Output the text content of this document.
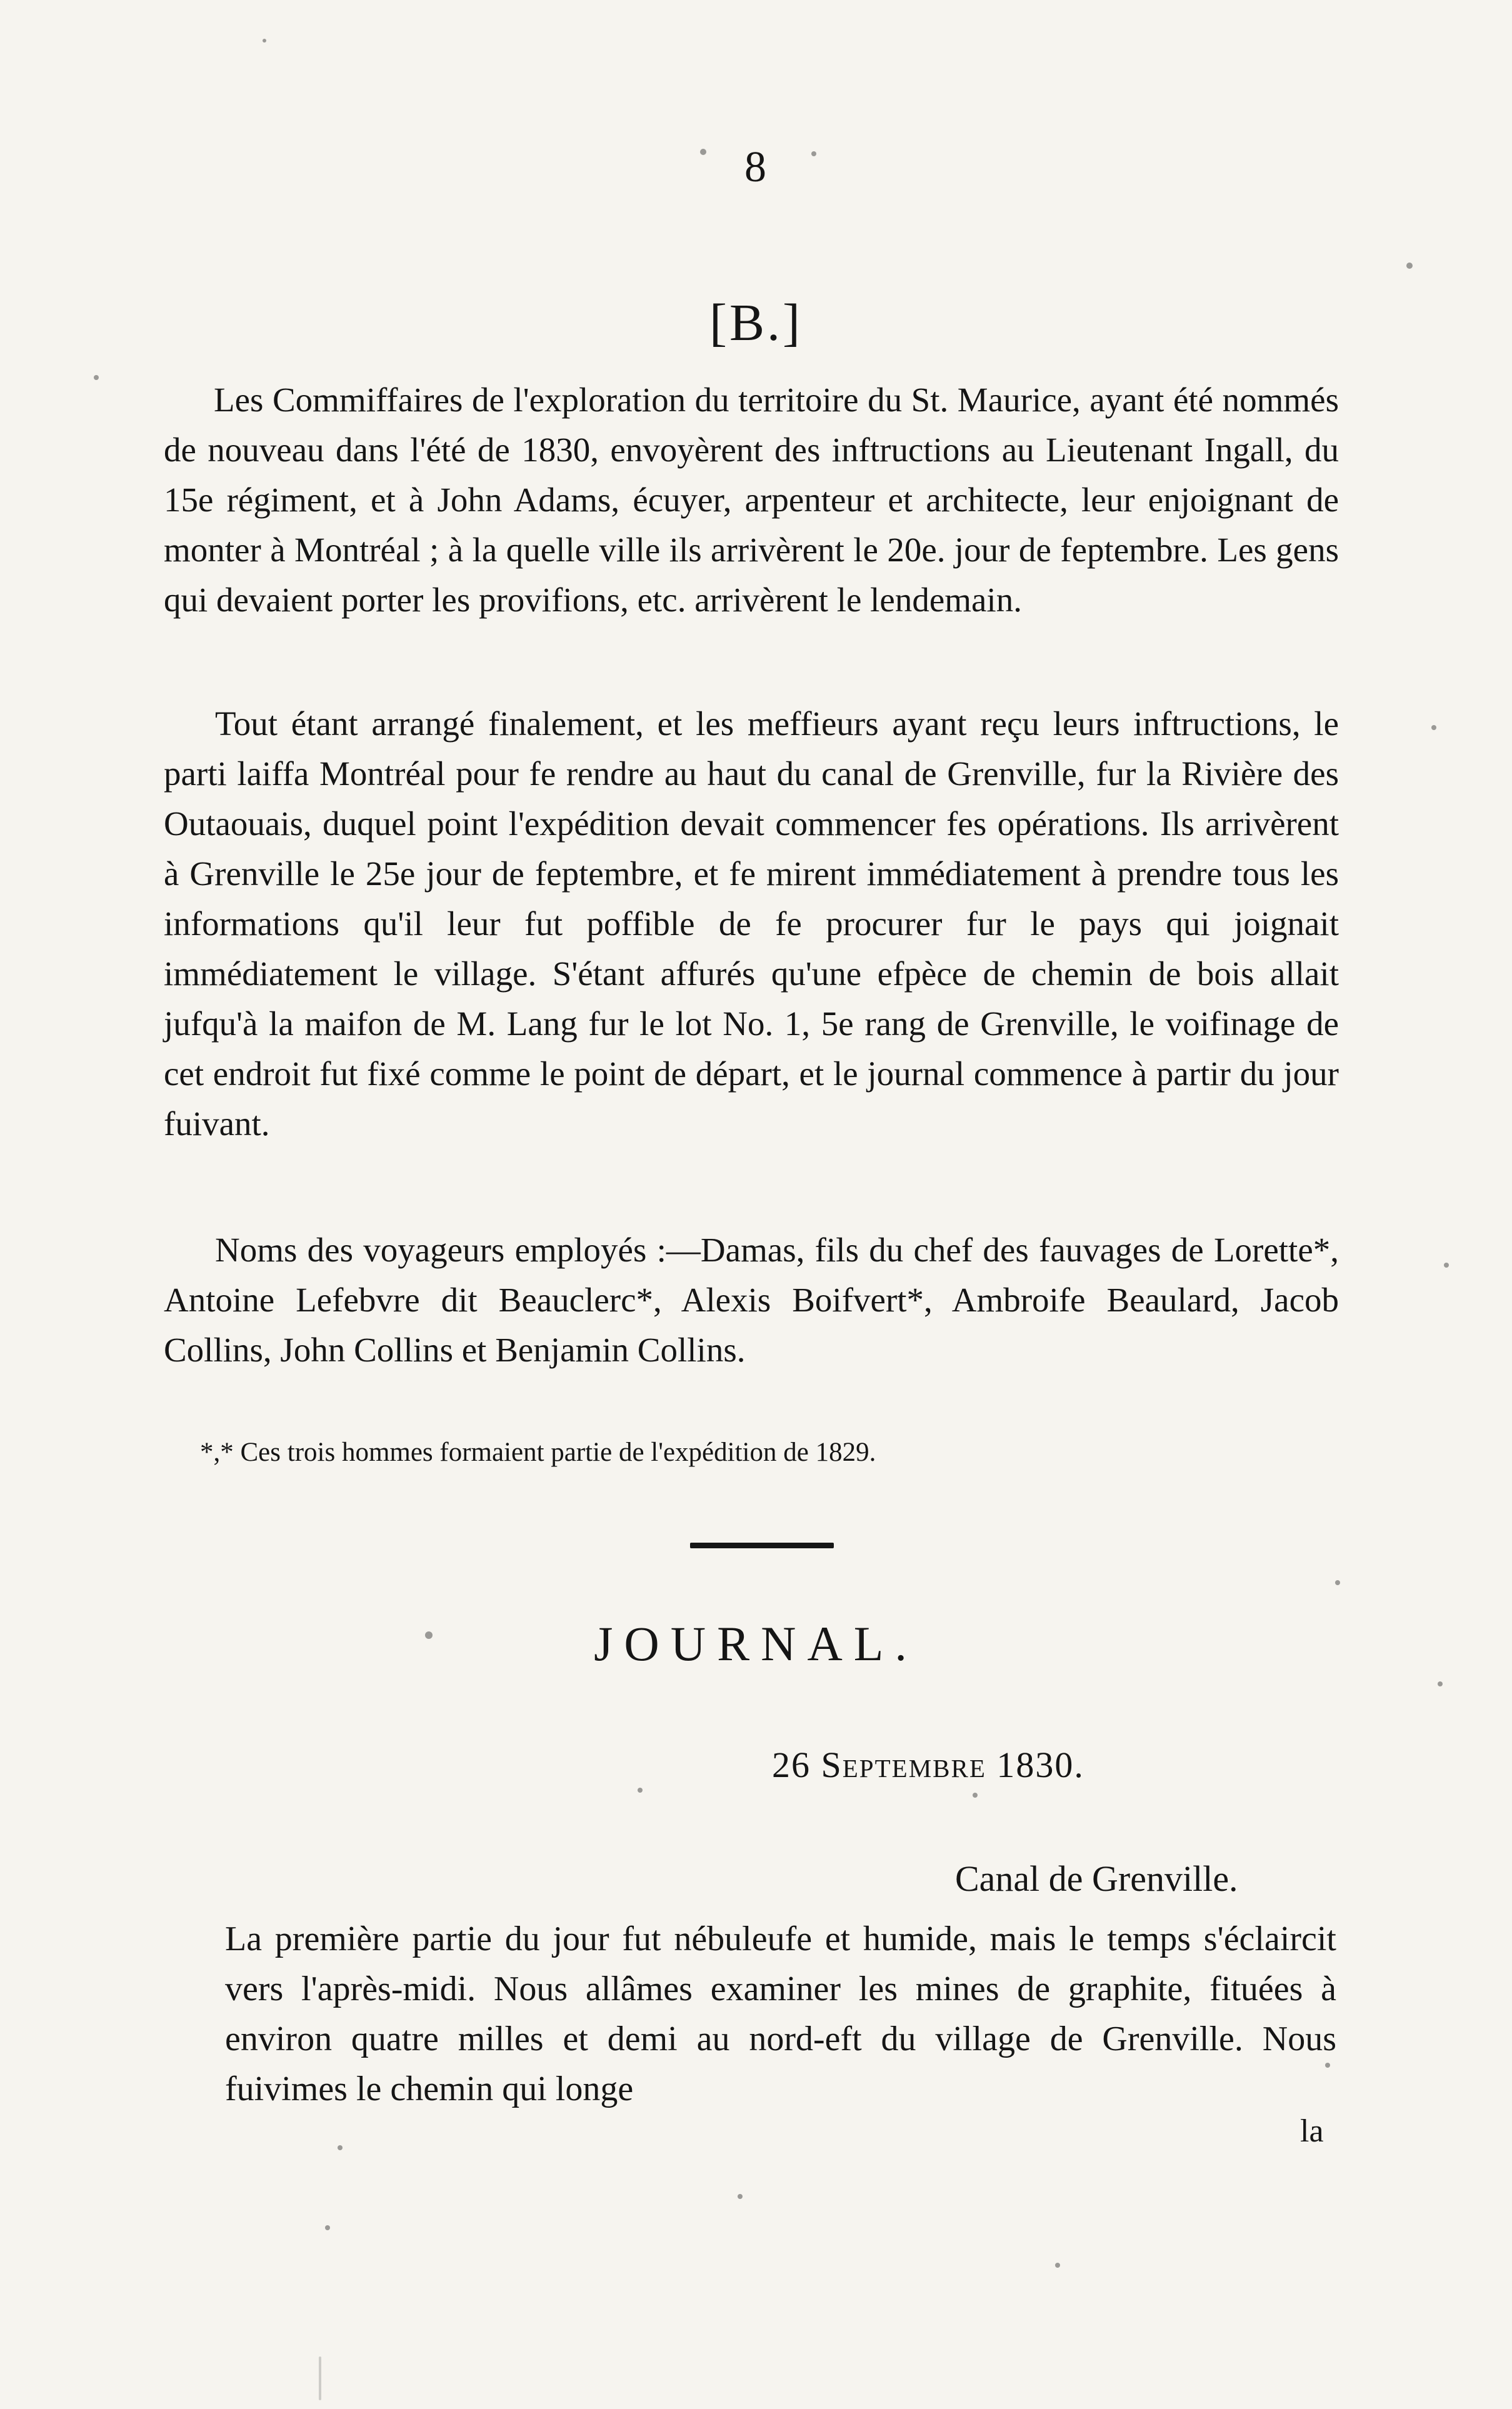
8
[B.]
Les Commiffaires de l'exploration du territoire du St. Maurice, ayant été nommés de nouveau dans l'été de 1830, envoyèrent des inftructions au Lieutenant Ingall, du 15e régiment, et à John Adams, écuyer, arpenteur et architecte, leur enjoignant de monter à Montréal ; à la quelle ville ils arrivèrent le 20e. jour de feptembre. Les gens qui devaient porter les provifions, etc. arrivèrent le lendemain.
Tout étant arrangé finalement, et les meffieurs ayant reçu leurs inftructions, le parti laiffa Montréal pour fe rendre au haut du canal de Grenville, fur la Rivière des Outaouais, duquel point l'expédition devait commencer fes opérations. Ils arrivèrent à Grenville le 25e jour de feptembre, et fe mirent immédiatement à prendre tous les informations qu'il leur fut poffible de fe procurer fur le pays qui joignait immédiatement le village. S'étant affurés qu'une efpèce de chemin de bois allait jufqu'à la maifon de M. Lang fur le lot No. 1, 5e rang de Grenville, le voifinage de cet endroit fut fixé comme le point de départ, et le journal commence à partir du jour fuivant.
Noms des voyageurs employés :—Damas, fils du chef des fauvages de Lorette*, Antoine Lefebvre dit Beauclerc*, Alexis Boifvert*, Ambroife Beaulard, Jacob Collins, John Collins et Benjamin Collins.
*,* Ces trois hommes formaient partie de l'expédition de 1829.
JOURNAL.
26 Septembre 1830.
Canal de Grenville.

La première partie du jour fut nébuleufe et humide, mais le temps s'éclaircit vers l'après-midi. Nous allâmes examiner les mines de graphite, fituées à environ quatre milles et demi au nord-eft du village de Grenville. Nous fuivimes le chemin qui longe

la
